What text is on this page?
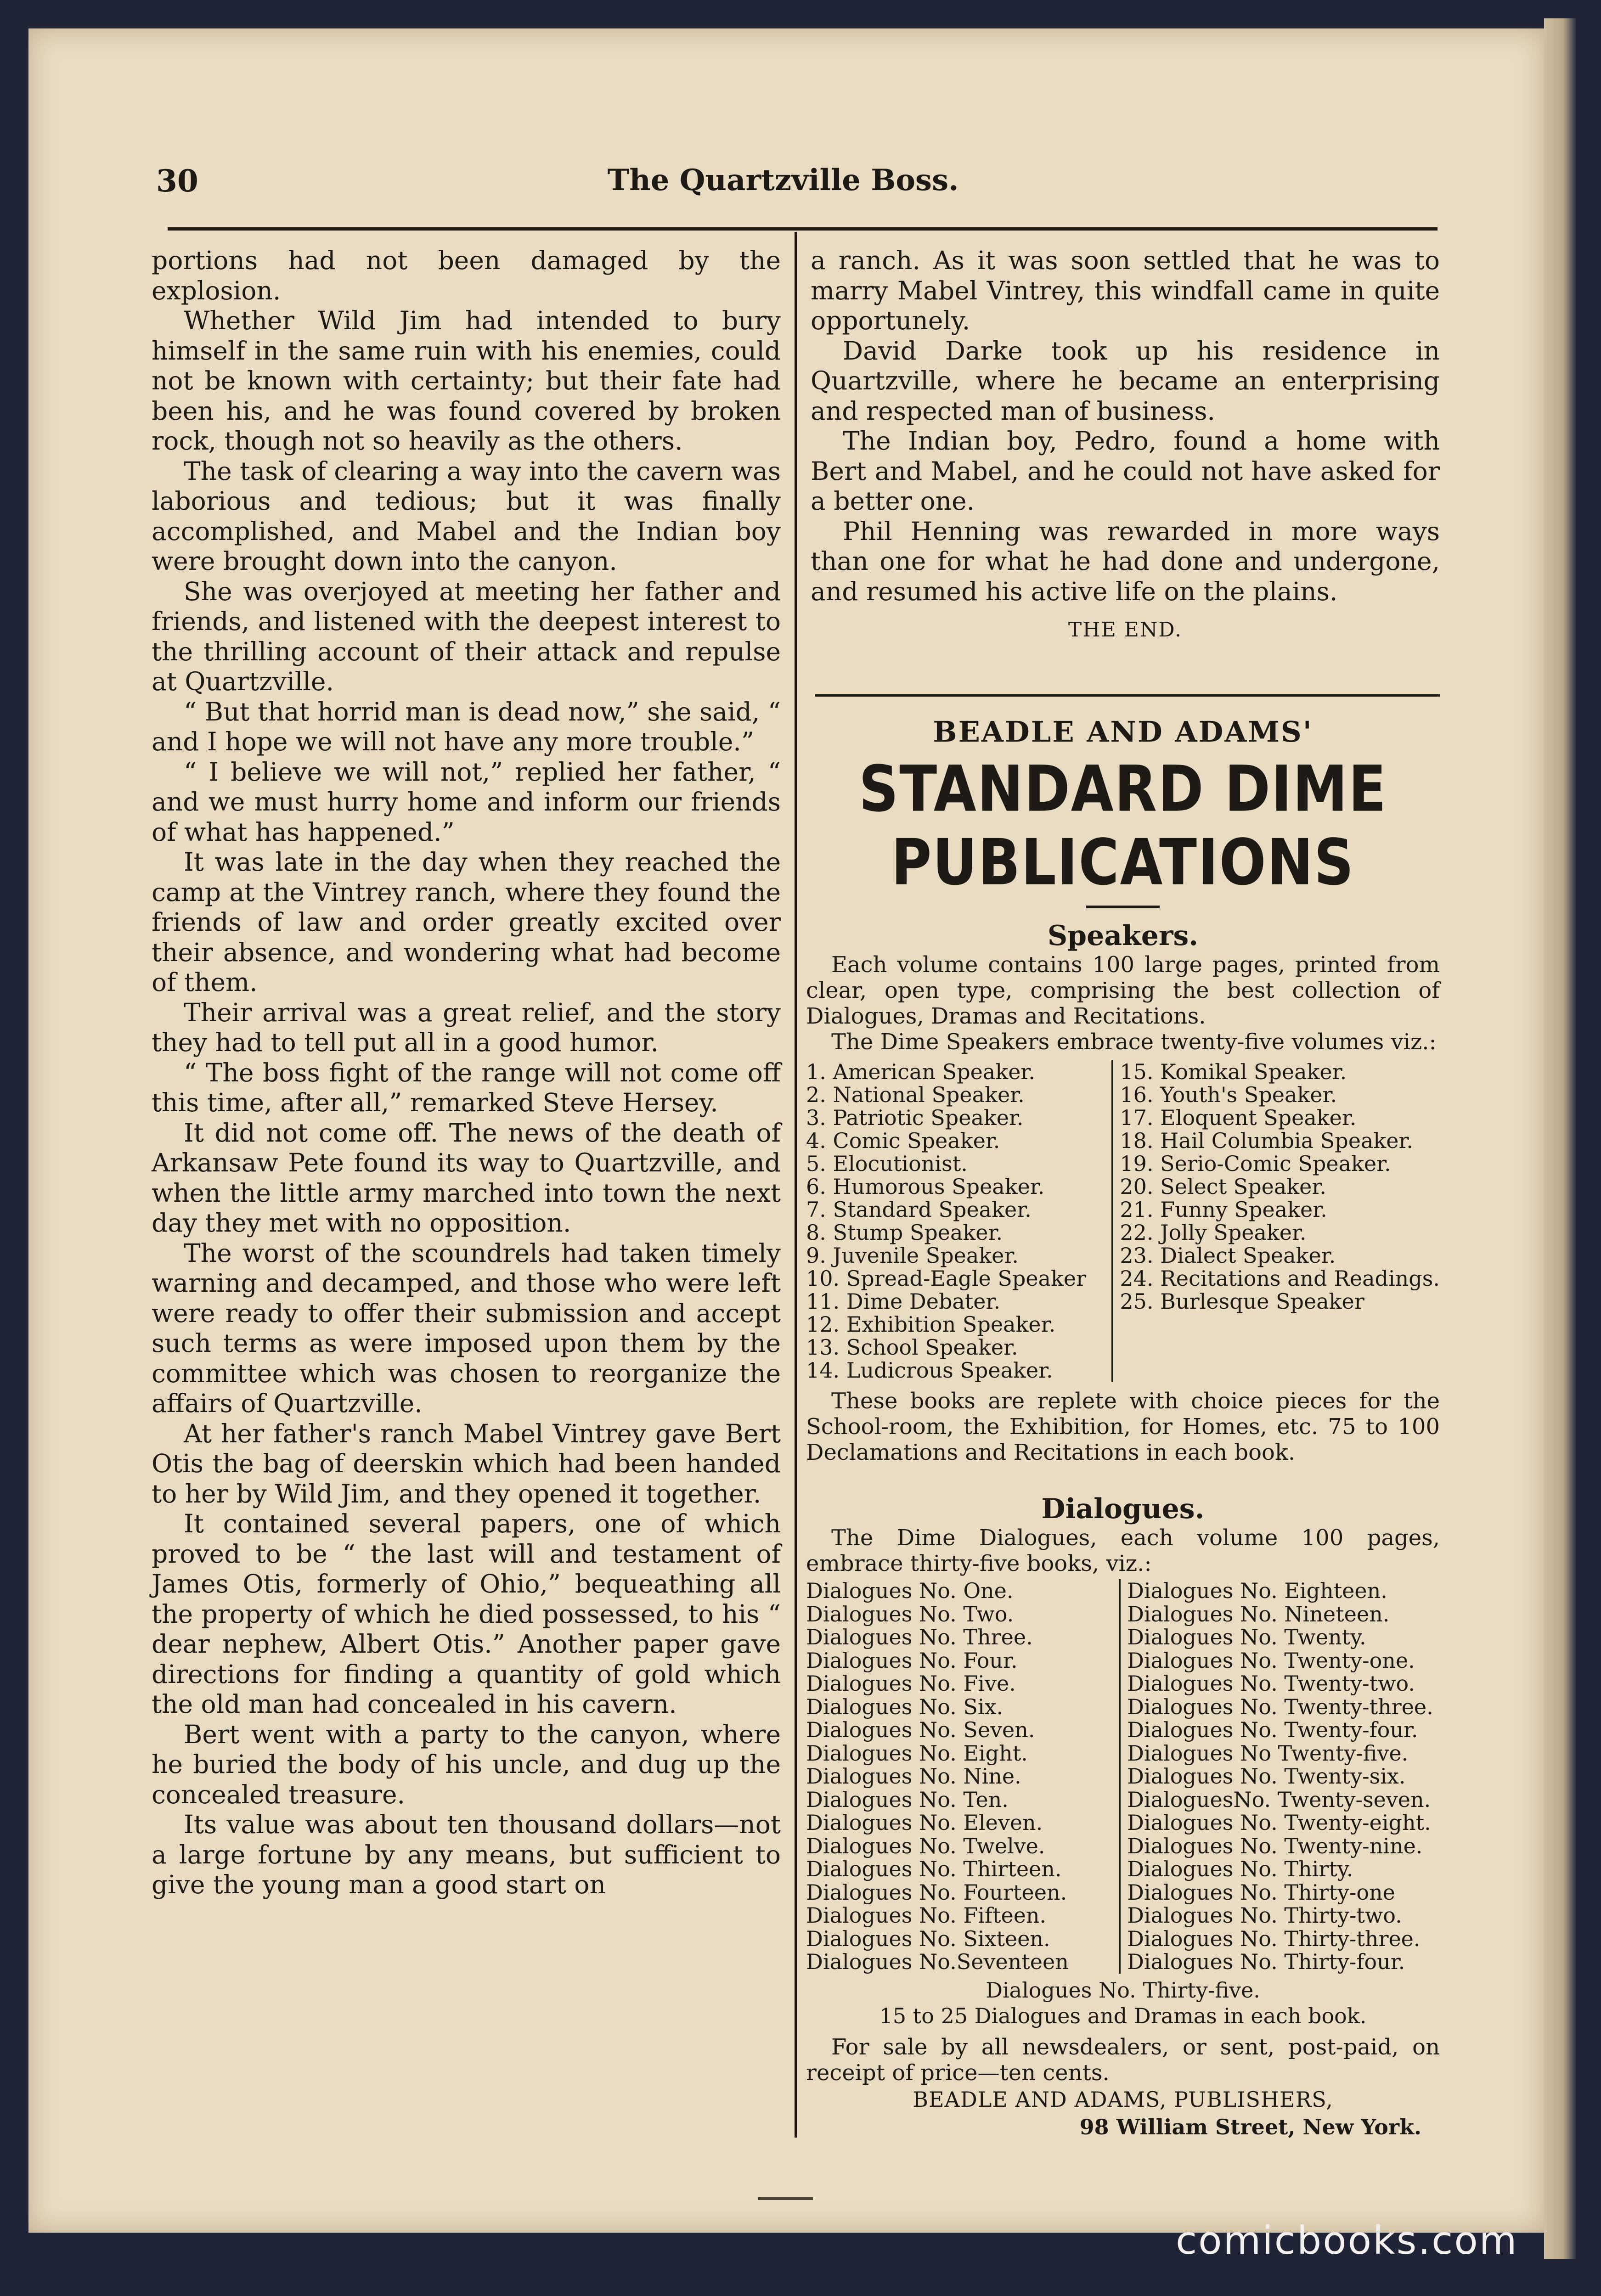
The Quartzville Boss.
30

portions had not been damaged by the explosion.

Whether Wild Jim had intended to bury himself in the same ruin with his enemies, could not be known with certainty; but their fate had been his, and he was found covered by broken rock, though not so heavily as the others.

The task of clearing a way into the cavern was laborious and tedious; but it was finally accomplished, and Mabel and the Indian boy were brought down into the canyon.

She was overjoyed at meeting her father and friends, and listened with the deepest interest to the thrilling account of their attack and repulse at Quartzville.

“ But that horrid man is dead now,” she said, “ and I hope we will not have any more trouble.”

“ I believe we will not,” replied her father, “ and we must hurry home and inform our friends of what has happened.”

It was late in the day when they reached the camp at the Vintrey ranch, where they found the friends of law and order greatly excited over their absence, and wondering what had become of them.

Their arrival was a great relief, and the story they had to tell put all in a good humor.

“ The boss fight of the range will not come off this time, after all,” remarked Steve Hersey.

It did not come off. The news of the death of Arkansaw Pete found its way to Quartzville, and when the little army marched into town the next day they met with no opposition.

The worst of the scoundrels had taken timely warning and decamped, and those who were left were ready to offer their submission and accept such terms as were imposed upon them by the committee which was chosen to reorganize the affairs of Quartzville.

At her father's ranch Mabel Vintrey gave Bert Otis the bag of deerskin which had been handed to her by Wild Jim, and they opened it together.

It contained several papers, one of which proved to be “ the last will and testament of James Otis, formerly of Ohio,” bequeathing all the property of which he died possessed, to his “ dear nephew, Albert Otis.” Another paper gave directions for finding a quantity of gold which the old man had concealed in his cavern.

Bert went with a party to the canyon, where he buried the body of his uncle, and dug up the concealed treasure.

Its value was about ten thousand dollars—not a large fortune by any means, but sufficient to give the young man a good start on

a ranch. As it was soon settled that he was to marry Mabel Vintrey, this windfall came in quite opportunely.

David Darke took up his residence in Quartzville, where he became an enterprising and respected man of business.

The Indian boy, Pedro, found a home with Bert and Mabel, and he could not have asked for a better one.

Phil Henning was rewarded in more ways than one for what he had done and undergone, and resumed his active life on the plains.

THE END.
BEADLE AND ADAMS'
STANDARD DIME PUBLICATIONS
Speakers.

Each volume contains 100 large pages, printed from clear, open type, comprising the best collection of Dialogues, Dramas and Recitations.

The Dime Speakers embrace twenty-five volumes viz.:

1. American Speaker.
2. National Speaker.
3. Patriotic Speaker.
4. Comic Speaker.
5. Elocutionist.
6. Humorous Speaker.
7. Standard Speaker.
8. Stump Speaker.
9. Juvenile Speaker.
10. Spread-Eagle Speaker
11. Dime Debater.
12. Exhibition Speaker.
13. School Speaker.
14. Ludicrous Speaker.
15. Komikal Speaker.
16. Youth's Speaker.
17. Eloquent Speaker.
18. Hail Columbia Speaker.
19. Serio-Comic Speaker.
20. Select Speaker.
21. Funny Speaker.
22. Jolly Speaker.
23. Dialect Speaker.
24. Recitations and Readings.
25. Burlesque Speaker

These books are replete with choice pieces for the School-room, the Exhibition, for Homes, etc. 75 to 100 Declamations and Recitations in each book.

Dialogues.

The Dime Dialogues, each volume 100 pages, embrace thirty-five books, viz.:

Dialogues No. One.
Dialogues No. Two.
Dialogues No. Three.
Dialogues No. Four.
Dialogues No. Five.
Dialogues No. Six.
Dialogues No. Seven.
Dialogues No. Eight.
Dialogues No. Nine.
Dialogues No. Ten.
Dialogues No. Eleven.
Dialogues No. Twelve.
Dialogues No. Thirteen.
Dialogues No. Fourteen.
Dialogues No. Fifteen.
Dialogues No. Sixteen.
Dialogues No.Seventeen
Dialogues No. Eighteen.
Dialogues No. Nineteen.
Dialogues No. Twenty.
Dialogues No. Twenty-one.
Dialogues No. Twenty-two.
Dialogues No. Twenty-three.
Dialogues No. Twenty-four.
Dialogues No Twenty-five.
Dialogues No. Twenty-six.
DialoguesNo. Twenty-seven.
Dialogues No. Twenty-eight.
Dialogues No. Twenty-nine.
Dialogues No. Thirty.
Dialogues No. Thirty-one
Dialogues No. Thirty-two.
Dialogues No. Thirty-three.
Dialogues No. Thirty-four.
Dialogues No. Thirty-five.
15 to 25 Dialogues and Dramas in each book.

For sale by all newsdealers, or sent, post-paid, on receipt of price—ten cents.

BEADLE AND ADAMS, PUBLISHERS,
98 William Street, New York.
comicbooks.com
